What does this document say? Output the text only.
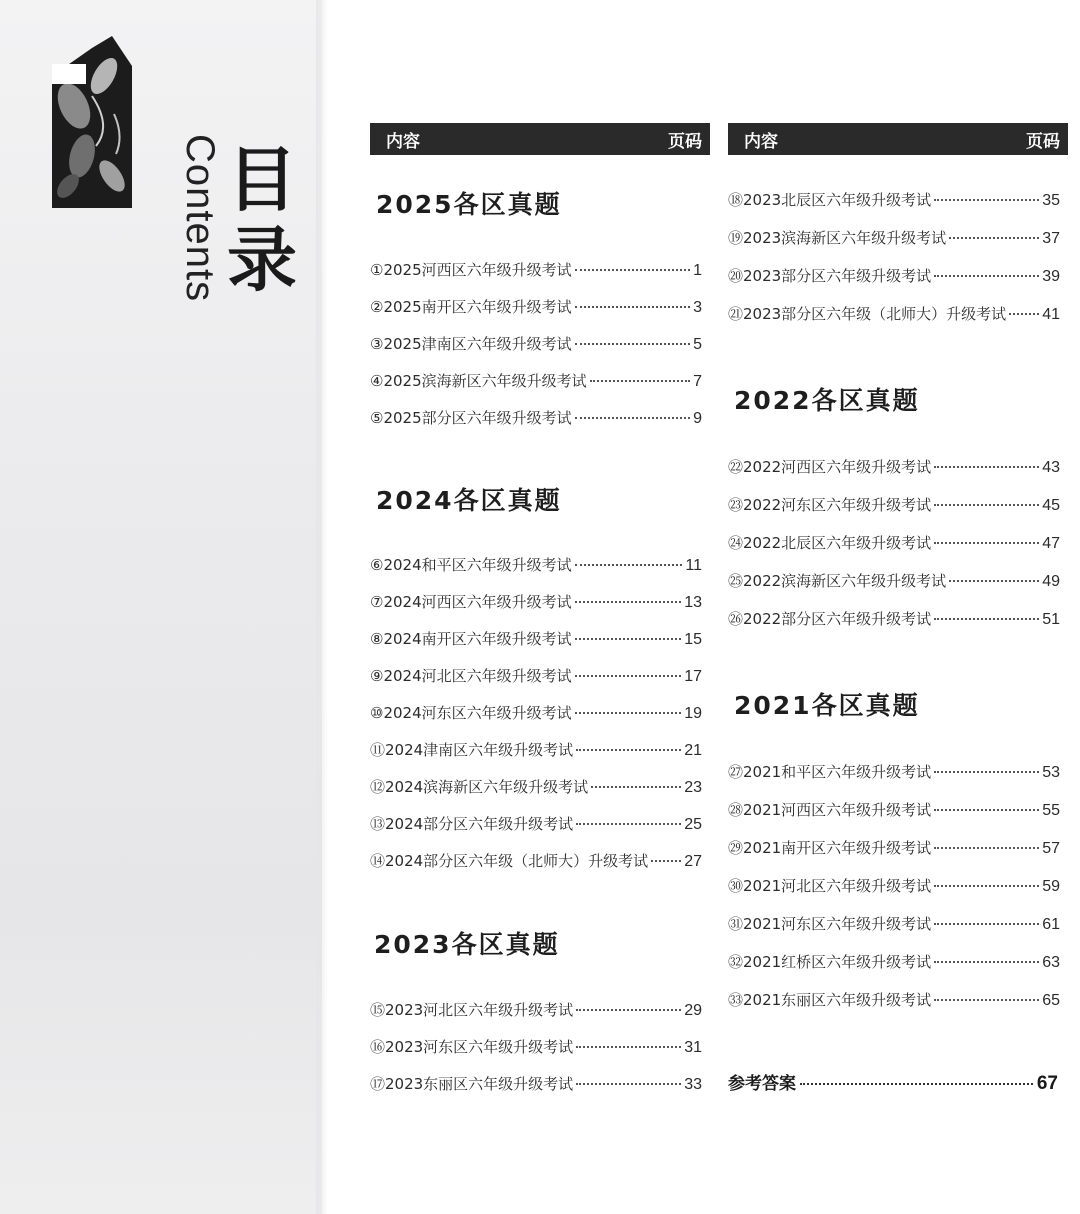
Contents 目
录
内容	页码
2025各区真题
①2025河西区六年级升级考试	1
②2025南开区六年级升级考试	3
③2025津南区六年级升级考试	5
④2025滨海新区六年级升级考试	7
⑤2025部分区六年级升级考试	9
2024各区真题
⑥2024和平区六年级升级考试	11
⑦2024河西区六年级升级考试	13
⑧2024南开区六年级升级考试	15
⑨2024河北区六年级升级考试	17
⑩2024河东区六年级升级考试	19
⑪2024津南区六年级升级考试	21
⑫2024滨海新区六年级升级考试	23
⑬2024部分区六年级升级考试	25
⑭2024部分区六年级（北师大）升级考试 27
2023各区真题
⑮2023河北区六年级升级考试	29
⑯2023河东区六年级升级考试	31
⑰2023东丽区六年级升级考试	33
内容	页码
⑱2023北辰区六年级升级考试	35
⑲2023滨海新区六年级升级考试	37
⑳2023部分区六年级升级考试	39
㉑2023部分区六年级（北师大）升级考试 41
2022各区真题
㉒2022河西区六年级升级考试	43
㉓2022河东区六年级升级考试	45
㉔2022北辰区六年级升级考试	47
㉕2022滨海新区六年级升级考试	49
㉖2022部分区六年级升级考试	51
2021各区真题
㉗2021和平区六年级升级考试	53
㉘2021河西区六年级升级考试	55
㉙2021南开区六年级升级考试	57
㉚2021河北区六年级升级考试	59
㉛2021河东区六年级升级考试	61
㉜2021红桥区六年级升级考试	63
㉝2021东丽区六年级升级考试	65
参考答案	67
